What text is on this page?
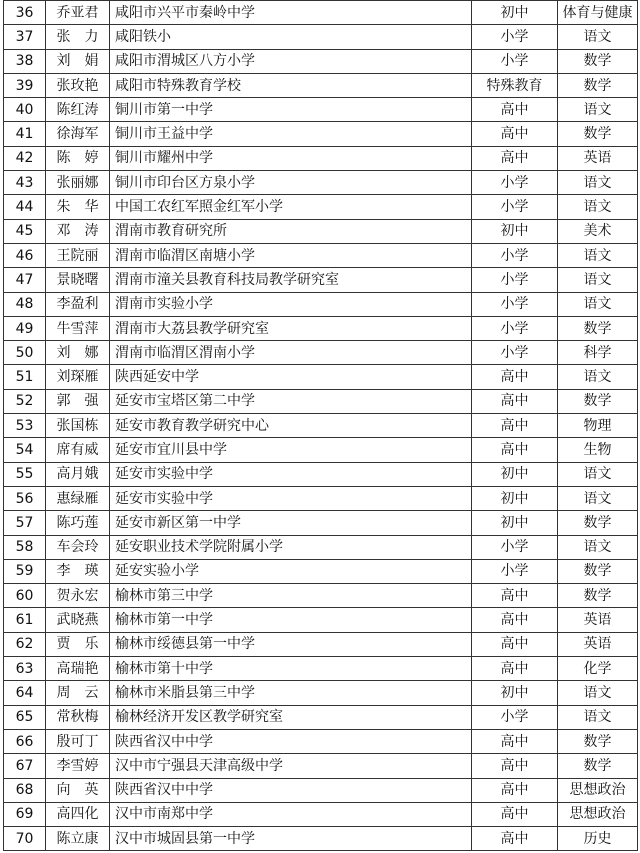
36	乔亚君	咸阳市兴平市秦岭中学	初中	体育与健康
37	张　力	咸阳铁小	小学	语文
38	刘　娟	咸阳市渭城区八方小学	小学	数学
39	张玫艳	咸阳市特殊教育学校	特殊教育	数学
40	陈红涛	铜川市第一中学	高中	语文
41	徐海军	铜川市王益中学	高中	数学
42	陈　婷	铜川市耀州中学	高中	英语
43	张丽娜	铜川市印台区方泉小学	小学	语文
44	朱　华	中国工农红军照金红军小学	小学	语文
45	邓　涛	渭南市教育研究所	初中	美术
46	王院丽	渭南市临渭区南塘小学	小学	语文
47	景晓曙	渭南市潼关县教育科技局教学研究室	小学	语文
48	李盈利	渭南市实验小学	小学	语文
49	牛雪萍	渭南市大荔县教学研究室	小学	数学
50	刘　娜	渭南市临渭区渭南小学	小学	科学
51	刘琛雁	陕西延安中学	高中	语文
52	郭　强	延安市宝塔区第二中学	高中	数学
53	张国栋	延安市教育教学研究中心	高中	物理
54	席有威	延安市宜川县中学	高中	生物
55	高月娥	延安市实验中学	初中	语文
56	惠绿雁	延安市实验中学	初中	语文
57	陈巧莲	延安市新区第一中学	初中	数学
58	车会玲	延安职业技术学院附属小学	小学	语文
59	李　瑛	延安实验小学	小学	数学
60	贺永宏	榆林市第三中学	高中	数学
61	武晓燕	榆林市第一中学	高中	英语
62	贾　乐	榆林市绥德县第一中学	高中	英语
63	高瑞艳	榆林市第十中学	高中	化学
64	周　云	榆林市米脂县第三中学	初中	语文
65	常秋梅	榆林经济开发区教学研究室	小学	语文
66	殷可丁	陕西省汉中中学	高中	数学
67	李雪婷	汉中市宁强县天津高级中学	高中	数学
68	向　英	陕西省汉中中学	高中	思想政治
69	高四化	汉中市南郑中学	高中	思想政治
70	陈立康	汉中市城固县第一中学	高中	历史
